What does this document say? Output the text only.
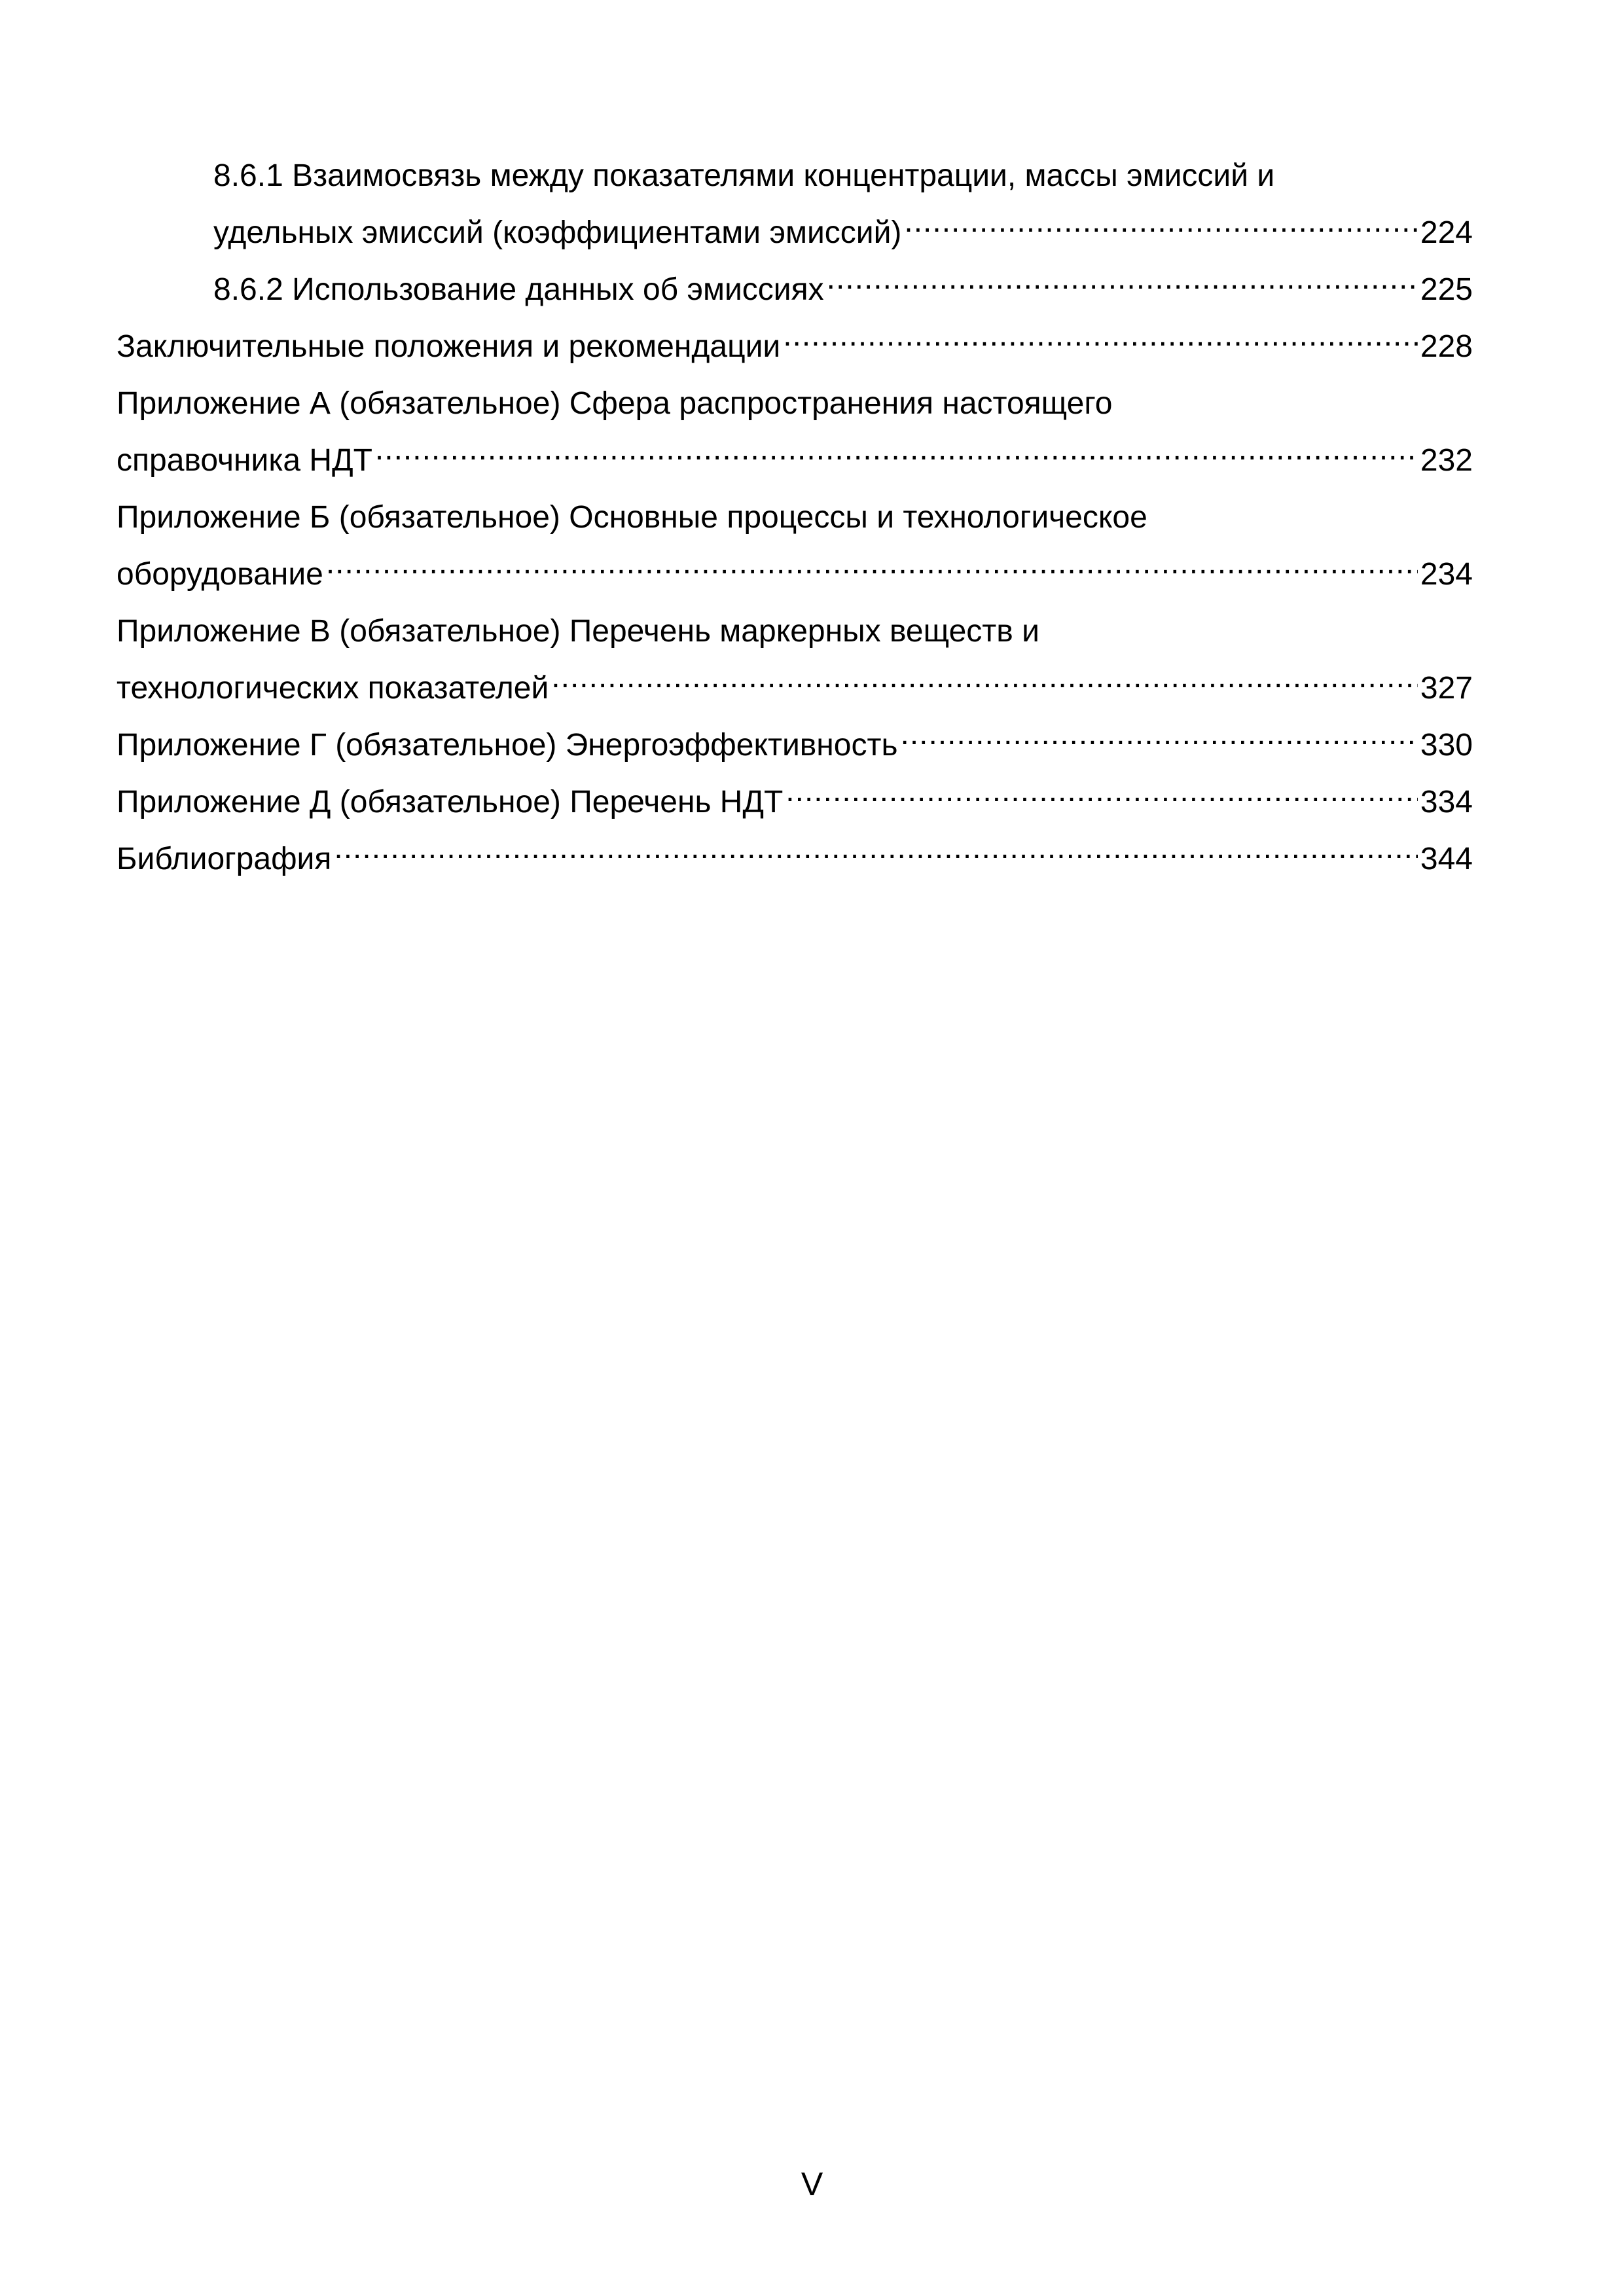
8.6.1 Взаимосвязь между показателями концентрации, массы эмиссий и
удельных эмиссий (коэффициентами эмиссий) .....	224
8.6.2 Использование данных об эмиссиях .....	225
Заключительные положения и рекомендации .....	228
Приложение А (обязательное) Сфера распространения настоящего
справочника НДТ .....	232
Приложение Б (обязательное) Основные процессы и технологическое
оборудование .....	234
Приложение В (обязательное) Перечень маркерных веществ и
технологических показателей .....	327
Приложение Г (обязательное) Энергоэффективность .....	330
Приложение Д (обязательное) Перечень НДТ .....	334
Библиография .....	344
V
